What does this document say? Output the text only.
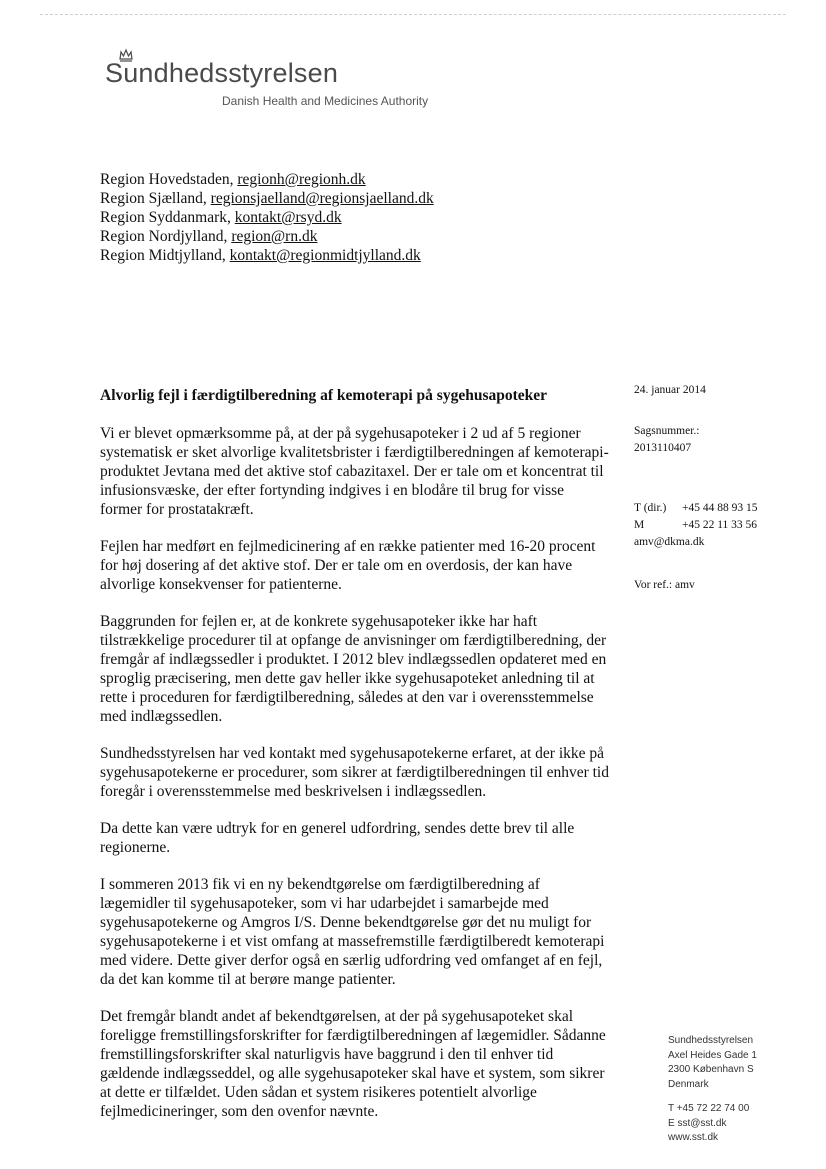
Sundhedsstyrelsen
Danish Health and Medicines Authority
Region Hovedstaden, regionh@regionh.dk
Region Sjælland, regionsjaelland@regionsjaelland.dk
Region Syddanmark, kontakt@rsyd.dk
Region Nordjylland, region@rn.dk
Region Midtjylland, kontakt@regionmidtjylland.dk
Alvorlig fejl i færdigtilberedning af kemoterapi på sygehusapoteker

Vi er blevet opmærksomme på, at der på sygehusapoteker i 2 ud af 5 regioner systematisk er sket alvorlige kvalitetsbrister i færdigtilberedningen af kemoterapi-produktet Jevtana med det aktive stof cabazitaxel. Der er tale om et koncentrat til infusionsvæske, der efter fortynding indgives i en blodåre til brug for visse former for prostatakræft.

Fejlen har medført en fejlmedicinering af en række patienter med 16-20 procent for høj dosering af det aktive stof. Der er tale om en overdosis, der kan have alvorlige konsekvenser for patienterne.

Baggrunden for fejlen er, at de konkrete sygehusapoteker ikke har haft tilstrækkelige procedurer til at opfange de anvisninger om færdigtilberedning, der fremgår af indlægssedler i produktet. I 2012 blev indlægssedlen opdateret med en sproglig præcisering, men dette gav heller ikke sygehusapoteket anledning til at rette i proceduren for færdigtilberedning, således at den var i overensstemmelse med indlægssedlen.

Sundhedsstyrelsen har ved kontakt med sygehusapotekerne erfaret, at der ikke på sygehusapotekerne er procedurer, som sikrer at færdigtilberedningen til enhver tid foregår i overensstemmelse med beskrivelsen i indlægssedlen.

Da dette kan være udtryk for en generel udfordring, sendes dette brev til alle regionerne.

I sommeren 2013 fik vi en ny bekendtgørelse om færdigtilberedning af lægemidler til sygehusapoteker, som vi har udarbejdet i samarbejde med sygehusapotekerne og Amgros I/S. Denne bekendtgørelse gør det nu muligt for sygehusapotekerne i et vist omfang at massefremstille færdigtilberedt kemoterapi med videre. Dette giver derfor også en særlig udfordring ved omfanget af en fejl, da det kan komme til at berøre mange patienter.

Det fremgår blandt andet af bekendtgørelsen, at der på sygehusapoteket skal foreligge fremstillingsforskrifter for færdigtilberedningen af lægemidler. Sådanne fremstillingsforskrifter skal naturligvis have baggrund i den til enhver tid gældende indlægsseddel, og alle sygehusapoteker skal have et system, som sikrer at dette er tilfældet. Uden sådan et system risikeres potentielt alvorlige fejlmedicineringer, som den ovenfor nævnte.

24. januar 2014
Sagsnummer.:
2013110407
T (dir.) +45 44 88 93 15
M	+45 22 11 33 56
amv@dkma.dk
Vor ref.: amv
Sundhedsstyrelsen
Axel Heides Gade 1
2300 København S
Denmark
T +45 72 22 74 00
E sst@sst.dk
www.sst.dk
